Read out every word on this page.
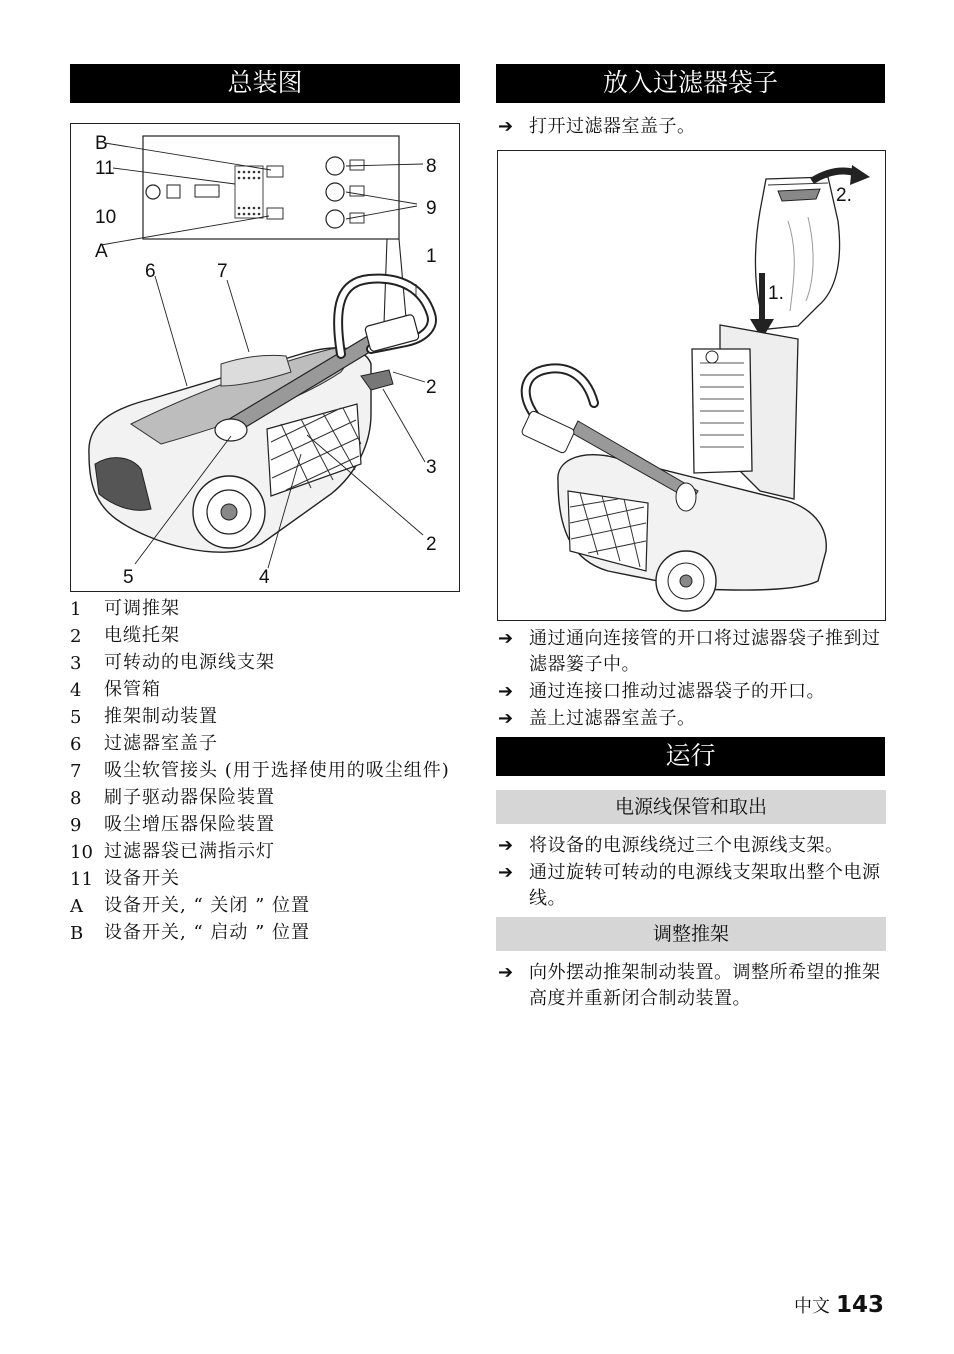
总装图
B
11
10
A
6	7
8
9
1
2
3
2
5	4
1	可调推架
2	电缆托架
3	可转动的电源线支架
4	保管箱
5	推架制动装置
6	过滤器室盖子
7	吸尘软管接头 (用于选择使用的吸尘组件)
8	刷子驱动器保险装置
9	吸尘增压器保险装置
10 过滤器袋已满指示灯
11 设备开关
A	设备开关, “ 关闭 ” 位置
B	设备开关, “ 启动 ” 位置
放入过滤器袋子
➔ 打开过滤器室盖子。
2.
1.
➔ 通过通向连接管的开口将过滤器袋子推到过滤器篓子中。
➔ 通过连接口推动过滤器袋子的开口。
➔ 盖上过滤器室盖子。
运行
电源线保管和取出
➔ 将设备的电源线绕过三个电源线支架。
➔ 通过旋转可转动的电源线支架取出整个电源线。
调整推架
➔ 向外摆动推架制动装置。调整所希望的推架高度并重新闭合制动装置。
中文 143
